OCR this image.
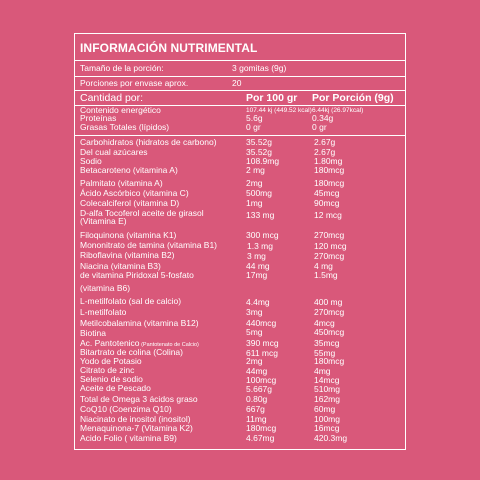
INFORMACIÓN NUTRIMENTAL
Tamaño de la porción:	3 gomitas (9g)
Porciones por envase aprox.	20
Cantidad por:	Por 100 gr Por Porción (9g)
Contenido energético	107.44 kj (449.52 kcal) 6.44kj (26.97kcal)
Proteínas	5.6g	0.34g
Grasas Totales (lípidos)	0 gr	0 gr
Carbohidratos (hidratos de carbono)	35.52g	2.67g
Del cual azúcares	35.52g	2.67g
Sodio	108.9mg	1.80mg
Betacaroteno (vitamina A)	2 mg	180mcg
Palmitato (vitamina A)	2mg	180mcg
Ácido Ascórbico (vitamina C)	500mg	45mcg
Colecalciferol (vitamina D)	1mg	90mcg
D-alfa Tocoferol aceite de girasol
(Vitamina E)
133 mg	12 mcg
Filoquinona (vitamina K1)	300 mcg	270mcg
Mononitrato de tamina (vitamina B1)	1.3 mg	120 mcg
Riboflavina (vitamina B2)	3 mg	270mcg
Niacina (vitamina B3)	44 mg	4 mg
de vitamina Piridoxal 5-fosfato	17mg	1.5mg
(vitamina B6)
L-metilfolato (sal de calcio)	4.4mg	400 mg
L-metilfolato	3mg	270mcg
Metilcobalamina (vitamina B12)	440mcg	4mcg
Biotina	5mg	450mcg
Ac. Pantotenico (Pantotenato de Calcio)	390 mcg	35mcg
Bitartrato de colina (Colina)	611 mcg	55mg
Yodo de Potasio	2mg	180mcg
Citrato de zinc	44mg	4mg
Selenio de sodio	100mcg	14mcg
Aceite de Pescado	5.667g	510mg
Total de Omega 3 ácidos graso	0.80g	162mg
CoQ10 (Coenzima Q10)	667g	60mg
Niacinato de inositol (inositol)	11mg	100mg
Menaquinona-7 (Vitamina K2)	180mcg	16mcg
Acido Folio ( vitamina B9)	4.67mg	420.3mg
